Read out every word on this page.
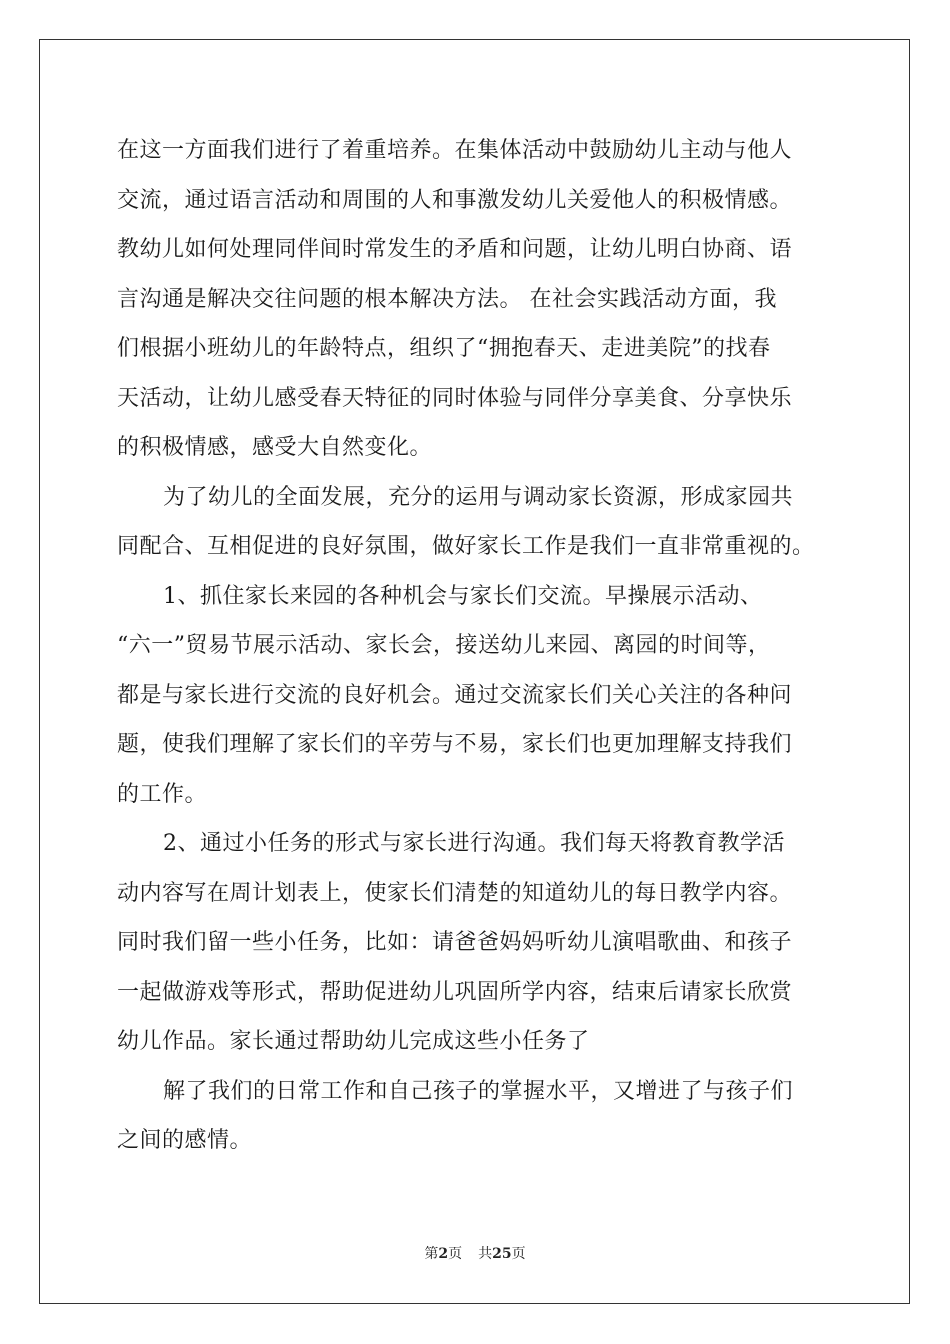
在这一方面我们进行了着重培养。在集体活动中鼓励幼儿主动与他人
交流，通过语言活动和周围的人和事激发幼儿关爱他人的积极情感。
教幼儿如何处理同伴间时常发生的矛盾和问题，让幼儿明白协商、语
言沟通是解决交往问题的根本解决方法。 在社会实践活动方面，我
们根据小班幼儿的年龄特点，组织了“拥抱春天、走进美院”的找春
天活动，让幼儿感受春天特征的同时体验与同伴分享美食、分享快乐
的积极情感，感受大自然变化。
为了幼儿的全面发展，充分的运用与调动家长资源，形成家园共
同配合、互相促进的良好氛围，做好家长工作是我们一直非常重视的。
1、抓住家长来园的各种机会与家长们交流。早操展示活动、
“六一”贸易节展示活动、家长会，接送幼儿来园、离园的时间等，
都是与家长进行交流的良好机会。通过交流家长们关心关注的各种问
题，使我们理解了家长们的辛劳与不易，家长们也更加理解支持我们
的工作。
2、通过小任务的形式与家长进行沟通。我们每天将教育教学活
动内容写在周计划表上，使家长们清楚的知道幼儿的每日教学内容。
同时我们留一些小任务，比如：请爸爸妈妈听幼儿演唱歌曲、和孩子
一起做游戏等形式，帮助促进幼儿巩固所学内容，结束后请家长欣赏
幼儿作品。家长通过帮助幼儿完成这些小任务了
解了我们的日常工作和自己孩子的掌握水平，又增进了与孩子们
之间的感情。
第2页 共25页
